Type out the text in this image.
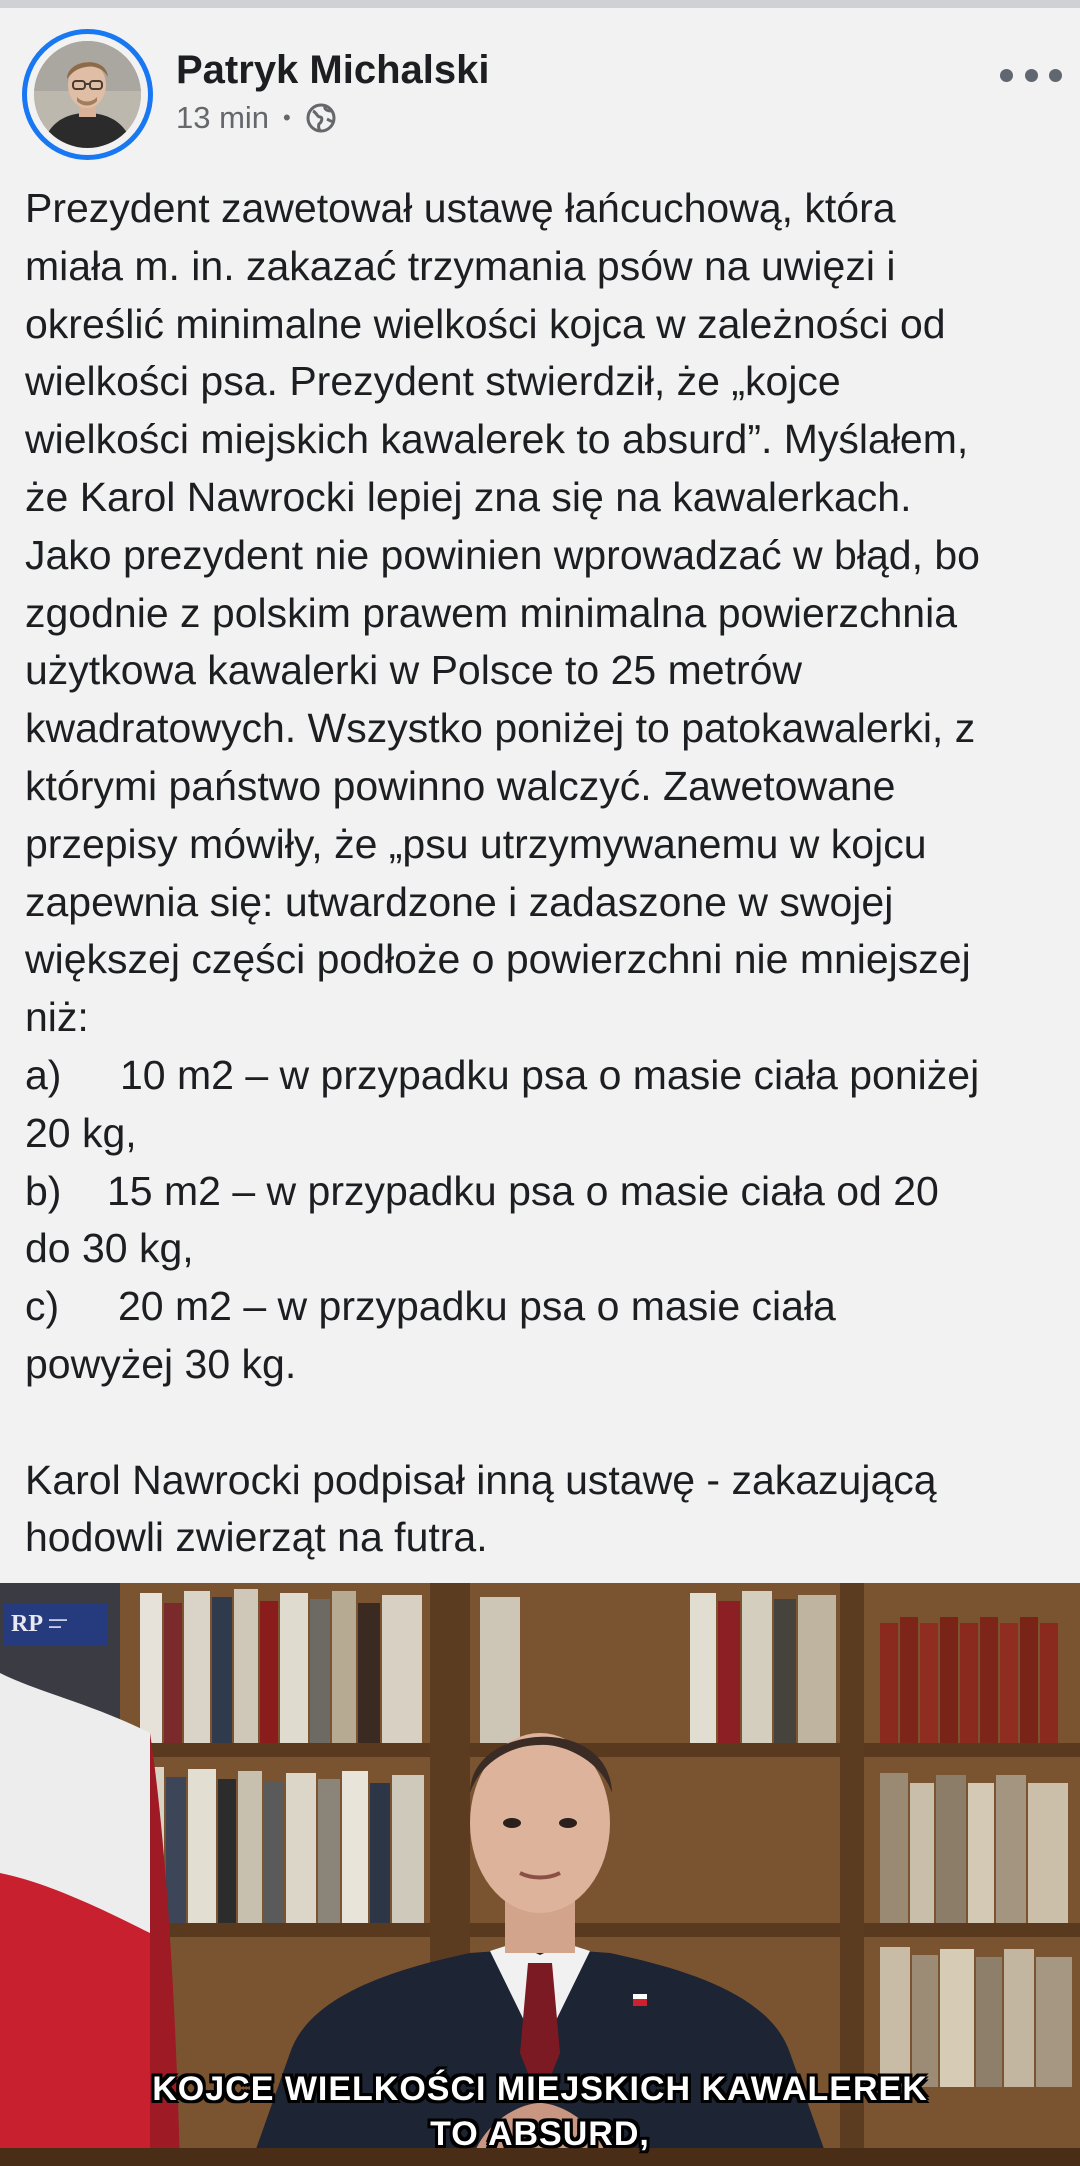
Patryk Michalski
13 min •

Prezydent zawetował ustawę łańcuchową, która

miała m. in. zakazać trzymania psów na uwięzi i

określić minimalne wielkości kojca w zależności od

wielkości psa. Prezydent stwierdził, że „kojce

wielkości miejskich kawalerek to absurd”. Myślałem,

że Karol Nawrocki lepiej zna się na kawalerkach.

Jako prezydent nie powinien wprowadzać w błąd, bo

zgodnie z polskim prawem minimalna powierzchnia

użytkowa kawalerki w Polsce to 25 metrów

kwadratowych. Wszystko poniżej to patokawalerki, z

którymi państwo powinno walczyć. Zawetowane

przepisy mówiły, że „psu utrzymywanemu w kojcu

zapewnia się: utwardzone i zadaszone w swojej

większej części podłoże o powierzchni nie mniejszej

niż:

a) 10 m2 – w przypadku psa o masie ciała poniżej

20 kg,

b) 15 m2 – w przypadku psa o masie ciała od 20

do 30 kg,

c) 20 m2 – w przypadku psa o masie ciała

powyżej 30 kg.

Karol Nawrocki podpisał inną ustawę - zakazującą

hodowli zwierząt na futra.

RP ▬▬▬
▬▬
KOJCE WIELKOŚCI MIEJSKICH KAWALEREK
TO ABSURD,
